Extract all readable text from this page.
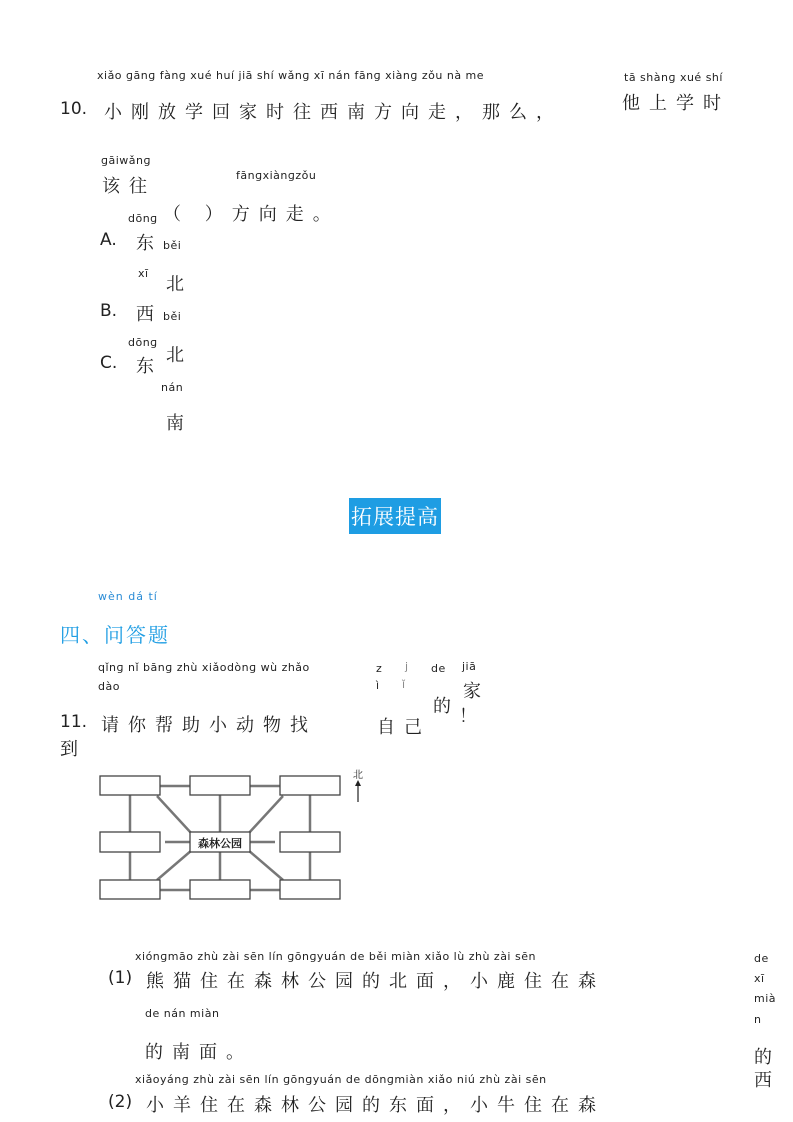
xiǎo ɡānɡ fànɡ xué huí jiā shí wǎnɡ xī nán fānɡ xiànɡ zǒu nà me
10. 小刚放学回家时往西南方向走，那么，
tā shànɡ xué shí
他上学时
ɡāiwǎnɡ
该往
fānɡxiànɡzǒu
（ ）方向走。
dōnɡ
A. 东 běi
北
xī
B. 西 běi
北
dōnɡ
C. 东
nán
南
拓展提高
wèn dá tí
四、问答题
qǐnɡ nǐ bānɡ zhù xiǎodònɡ wù zhǎo
dào
11. 请你帮助小动物找
到
z
ì
j
ǐ
自己
de
的
jiā
家
！
森林公园
北
xiónɡmāo zhù zài sēn lín ɡōnɡyuán de běi miàn xiǎo lù zhù zài sēn
(1) 熊猫住在森林公园的北面，小鹿住在森
de nán miàn
的南面。
de
xī
mià
n
的
西
xiǎoyánɡ zhù zài sēn lín ɡōnɡyuán de dōnɡmiàn xiǎo niú zhù zài sēn
(2) 小羊住在森林公园的东面，小牛住在森
